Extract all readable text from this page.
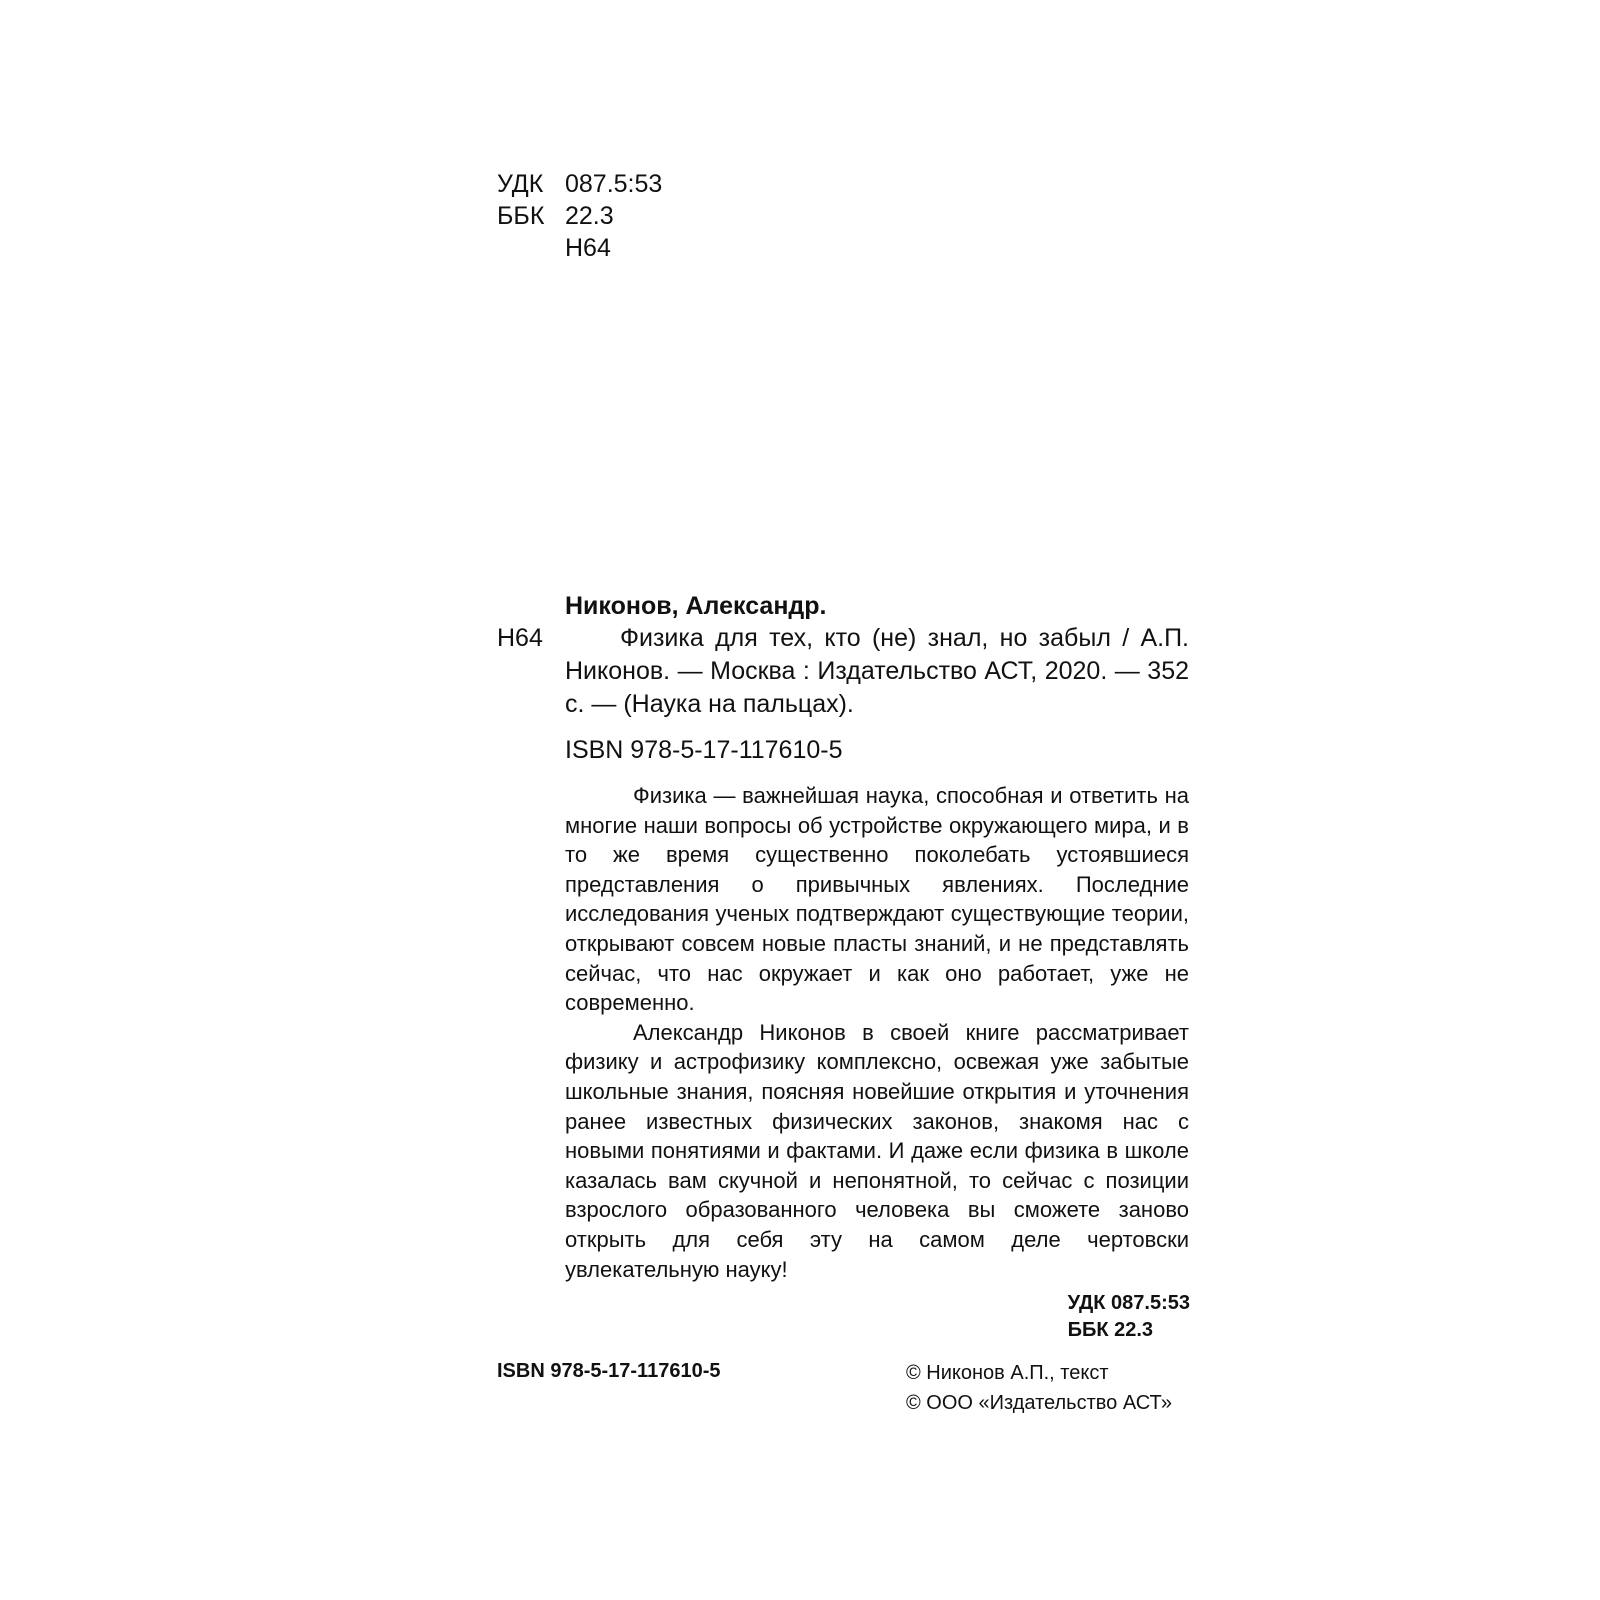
УДК 087.5:53
ББК 22.3
Н64
Никонов, Александр.
Н64	Физика для тех, кто (не) знал, но забыл / А.П. Никонов. — Москва : Издательство АСТ, 2020. — 352 с. — (Наука на пальцах).
ISBN 978-5-17-117610-5

Физика — важнейшая наука, способная и ответить на многие наши вопросы об устройстве окружающего мира, и в то же время существенно поколебать устоявшиеся представления о привычных явлениях. Последние исследования ученых подтверждают существующие теории, открывают совсем новые пласты знаний, и не представлять сейчас, что нас окружает и как оно работает, уже не современно.

Александр Никонов в своей книге рассматривает физику и астрофизику комплексно, освежая уже забытые школьные знания, поясняя новейшие открытия и уточнения ранее известных физических законов, знакомя нас с новыми понятиями и фактами. И даже если физика в школе казалась вам скучной и непонятной, то сейчас с позиции взрослого образованного человека вы сможете заново открыть для себя эту на самом деле чертовски увлекательную науку!

УДК 087.5:53
ББК 22.3
ISBN 978-5-17-117610-5	© Никонов А.П., текст
© ООО «Издательство АСТ»
